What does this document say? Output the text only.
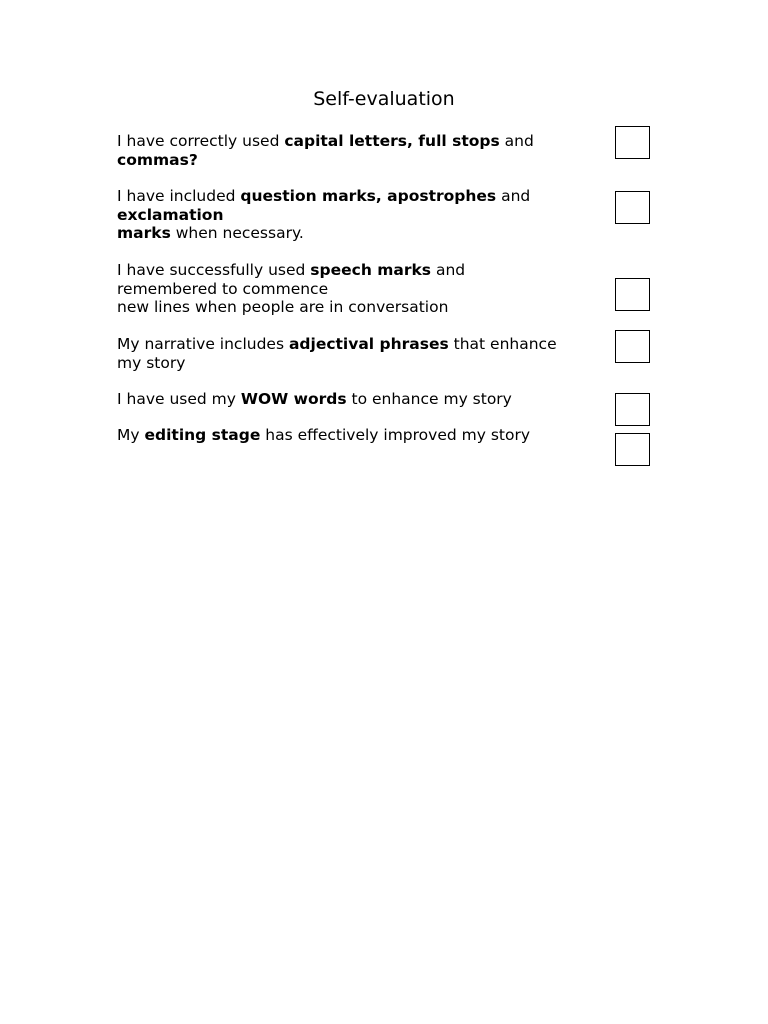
Self-evaluation
I have correctly used capital letters, full stops and
commas?
I have included question marks, apostrophes and
exclamation
marks when necessary.
I have successfully used speech marks and
remembered to commence
new lines when people are in conversation
My narrative includes adjectival phrases that enhance
my story
I have used my WOW words to enhance my story
My editing stage has effectively improved my story
